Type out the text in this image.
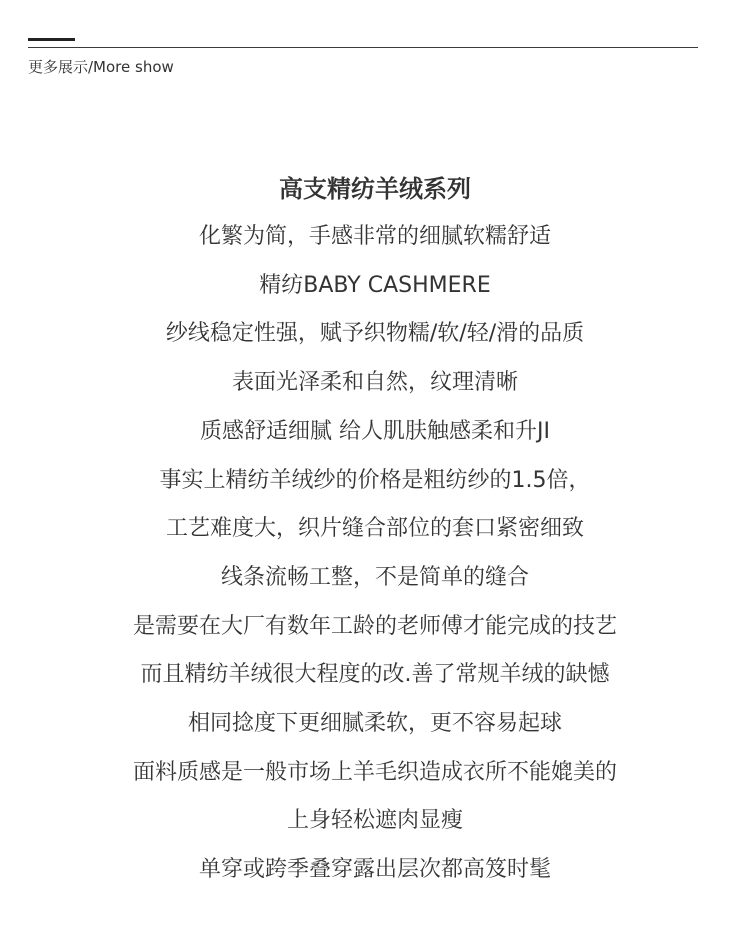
更多展示/More show
高支精纺羊绒系列
化繁为简，手感非常的细腻软糯舒适
精纺BABY CASHMERE
纱线稳定性强，赋予织物糯/软/轻/滑的品质
表面光泽柔和自然，纹理清晰
质感舒适细腻 给人肌肤触感柔和升JI
事实上精纺羊绒纱的价格是粗纺纱的1.5倍，
工艺难度大，织片缝合部位的套口紧密细致
线条流畅工整，不是简单的缝合
是需要在大厂有数年工龄的老师傅才能完成的技艺
而且精纺羊绒很大程度的改.善了常规羊绒的缺憾
相同捻度下更细腻柔软，更不容易起球
面料质感是一般市场上羊毛织造成衣所不能媲美的
上身轻松遮肉显瘦
单穿或跨季叠穿露出层次都高笈时髦
